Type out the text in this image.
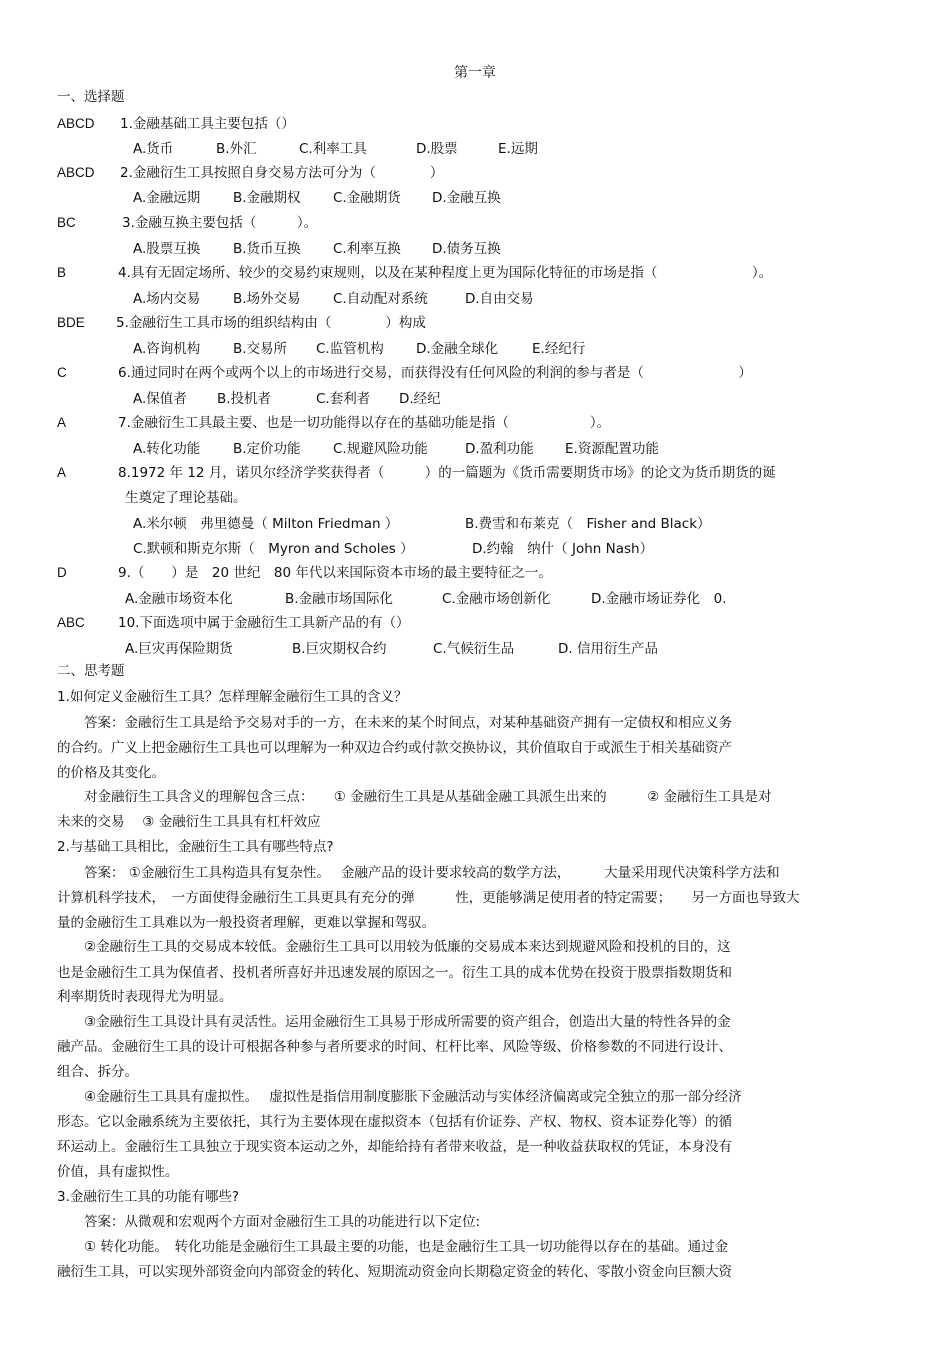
第一章
一、选择题
ABCD 1.金融基础工具主要包括（）
A.货币	B.外汇	C.利率工具	D.股票	E.远期
ABCD 2.金融衍生工具按照自身交易方法可分为（　　　　）
A.金融远期 B.金融期权 C.金融期货 D.金融互换
BC	3.金融互换主要包括（　　　）。
A.股票互换 B.货币互换 C.利率互换 D.债务互换
B	4.具有无固定场所、较少的交易约束规则，以及在某种程度上更为国际化特征的市场是指（　　　　　　　）。
A.场内交易 B.场外交易 C.自动配对系统	D.自由交易
BDE 5.金融衍生工具市场的组织结构由（　　　　）构成
A.咨询机构 B.交易所 C.监管机构 D.金融全球化	E.经纪行
C	6.通过同时在两个或两个以上的市场进行交易，而获得没有任何风险的利润的参与者是（　　　　　　　）
A.保值者 B.投机者	C.套利者 D.经纪
A	7.金融衍生工具最主要、也是一切功能得以存在的基础功能是指（　　　　　　）。
A.转化功能 B.定价功能 C.规避风险功能	D.盈利功能 E.资源配置功能
A	8.1972 年 12 月，诺贝尔经济学奖获得者（　　　）的一篇题为《货币需要期货市场》的论文为货币期货的诞
生奠定了理论基础。
A.米尔顿　弗里德曼（ Milton Friedman ）	B.费雪和布莱克（　Fisher and Black）
C.默顿和斯克尔斯（　Myron and Scholes ）	D.约翰　纳什（ John Nash）
D	9.（　　）是　20 世纪　80 年代以来国际资本市场的最主要特征之一。
A.金融市场资本化	B.金融市场国际化	C.金融市场创新化	D.金融市场证券化　0.
ABC 10.下面选项中属于金融衍生工具新产品的有（）
A.巨灾再保险期货	B.巨灾期权合约	C.气候衍生品	D. 信用衍生产品
二、思考题
1.如何定义金融衍生工具？怎样理解金融衍生工具的含义？
　　答案：金融衍生工具是给予交易对手的一方，在未来的某个时间点，对某种基础资产拥有一定债权和相应义务
的合约。广义上把金融衍生工具也可以理解为一种双边合约或付款交换协议，其价值取自于或派生于相关基础资产
的价格及其变化。
　　对金融衍生工具含义的理解包含三点：　　① 金融衍生工具是从基础金融工具派生出来的　　　② 金融衍生工具是对
未来的交易　 ③ 金融衍生工具具有杠杆效应
2.与基础工具相比，金融衍生工具有哪些特点?
　　答案： ①金融衍生工具构造具有复杂性。　 金融产品的设计要求较高的数学方法，　　　大量采用现代决策科学方法和
计算机科学技术，　一方面使得金融衍生工具更具有充分的弹　　　性，更能够满足使用者的特定需要；　　另一方面也导致大
量的金融衍生工具难以为一般投资者理解，更难以掌握和驾驭。
　　②金融衍生工具的交易成本较低。金融衍生工具可以用较为低廉的交易成本来达到规避风险和投机的目的，这
也是金融衍生工具为保值者、投机者所喜好并迅速发展的原因之一。衍生工具的成本优势在投资于股票指数期货和
利率期货时表现得尤为明显。
　　③金融衍生工具设计具有灵活性。运用金融衍生工具易于形成所需要的资产组合，创造出大量的特性各异的金
融产品。金融衍生工具的设计可根据各种参与者所要求的时间、杠杆比率、风险等级、价格参数的不同进行设计、
组合、拆分。
　　④金融衍生工具具有虚拟性。　 虚拟性是指信用制度膨胀下金融活动与实体经济偏离或完全独立的那一部分经济
形态。它以金融系统为主要依托，其行为主要体现在虚拟资本（包括有价证券、产权、物权、资本证券化等）的循
环运动上。金融衍生工具独立于现实资本运动之外，却能给持有者带来收益，是一种收益获取权的凭证，本身没有
价值，具有虚拟性。
3.金融衍生工具的功能有哪些?
　　答案：从微观和宏观两个方面对金融衍生工具的功能进行以下定位:
　　① 转化功能。　转化功能是金融衍生工具最主要的功能，也是金融衍生工具一切功能得以存在的基础。通过金
融衍生工具，可以实现外部资金向内部资金的转化、短期流动资金向长期稳定资金的转化、零散小资金向巨额大资
